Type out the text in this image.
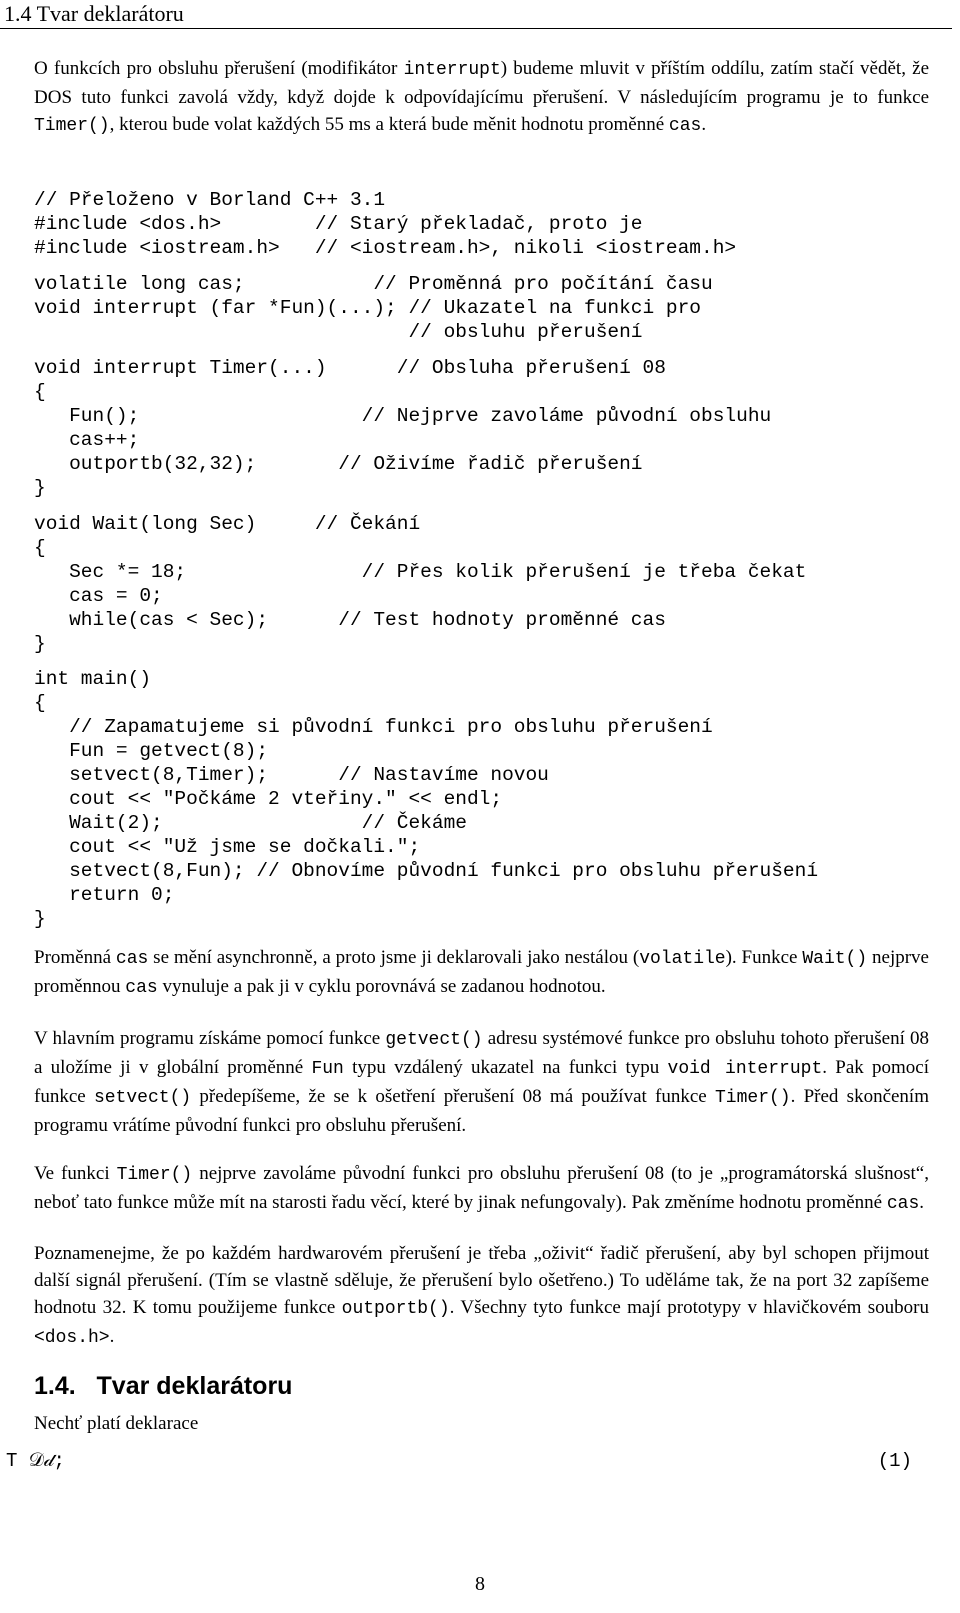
1.4 Tvar deklarátoru

O funkcích pro obsluhu přerušení (modifikátor interrupt) budeme mluvit v příštím oddílu, zatím stačí vědět, že DOS tuto funkci zavolá vždy, když dojde k odpovídajícímu přerušení. V následujícím programu je to funkce Timer(), kterou bude volat každých 55 ms a která bude měnit hodnotu proměnné cas.

// Přeloženo v Borland C++ 3.1
#include <dos.h>        // Starý překladač, proto je
#include <iostream.h>   // <iostream.h>, nikoli <iostream.h>
volatile long cas;           // Proměnná pro počítání času
void interrupt (far *Fun)(...); // Ukazatel na funkci pro
// obsluhu přerušení
void interrupt Timer(...)      // Obsluha přerušení 08
{
Fun();                   // Nejprve zavoláme původní obsluhu
cas++;
outportb(32,32);       // Oživíme řadič přerušení
}
void Wait(long Sec)     // Čekání
{
Sec *= 18;               // Přes kolik přerušení je třeba čekat
cas = 0;
while(cas < Sec);      // Test hodnoty proměnné cas
}
int main()
{
// Zapamatujeme si původní funkci pro obsluhu přerušení
Fun = getvect(8);
setvect(8,Timer);      // Nastavíme novou
cout << "Počkáme 2 vteřiny." << endl;
Wait(2);                 // Čekáme
cout << "Už jsme se dočkali.";
setvect(8,Fun); // Obnovíme původní funkci pro obsluhu přerušení
return 0;
}

Proměnná cas se mění asynchronně, a proto jsme ji deklarovali jako nestálou (volatile). Funkce Wait() nejprve proměnnou cas vynuluje a pak ji v cyklu porovnává se zadanou hodnotou.

V hlavním programu získáme pomocí funkce getvect() adresu systémové funkce pro obsluhu tohoto přerušení 08 a uložíme ji v globální proměnné Fun typu vzdálený ukazatel na funkci typu void interrupt. Pak pomocí funkce setvect() předepíšeme, že se k ošetření přerušení 08 má používat funkce Timer(). Před skončením programu vrátíme původní funkci pro obsluhu přerušení.

Ve funkci Timer() nejprve zavoláme původní funkci pro obsluhu přerušení 08 (to je „programátorská slušnost“, neboť tato funkce může mít na starosti řadu věcí, které by jinak nefungovaly). Pak změníme hodnotu proměnné cas.

Poznamenejme, že po každém hardwarovém přerušení je třeba „oživit“ řadič přerušení, aby byl schopen přijmout další signál přerušení. (Tím se vlastně sděluje, že přerušení bylo ošetřeno.) To uděláme tak, že na port 32 zapíšeme hodnotu 32. K tomu použijeme funkce outportb(). Všechny tyto funkce mají prototypy v hlavičkovém souboru <dos.h>.

1.4.   Tvar deklarátoru
Nechť platí deklarace
T 𝒟𝒹;	(1)
8
